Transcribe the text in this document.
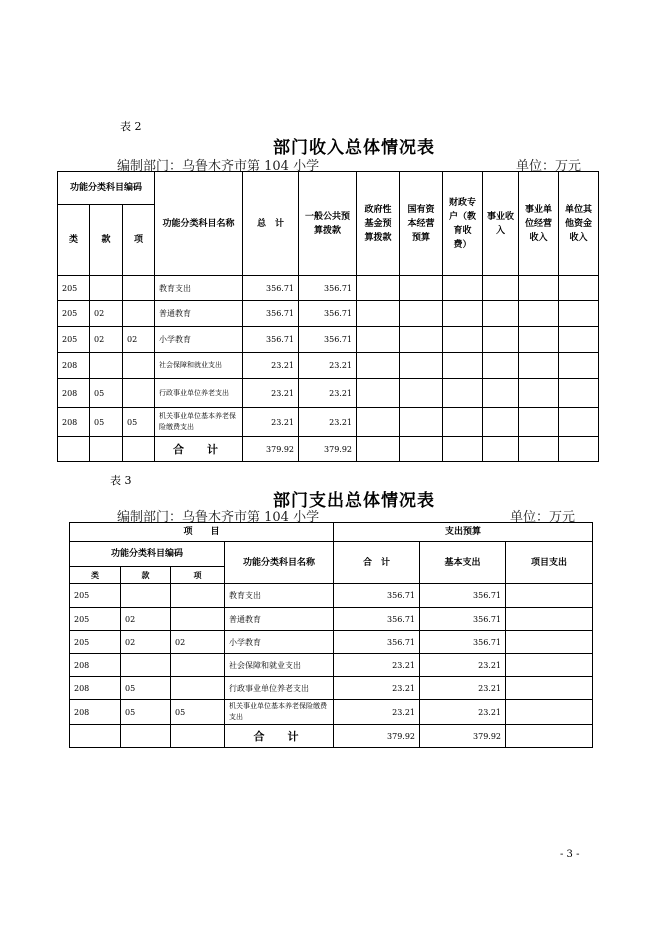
表 2
部门收入总体情况表
编制部门：乌鲁木齐市第 104 小学	单位：万元
功能分类科目编码			功能分类科目名称	总　计	一般公共预算拨款	政府性基金预算拨款	国有资本经营预算	财政专户（教育收费）	事业收入	事业单位经营收入	单位其他资金收入
类	款	项									
205			教育支出	356.71	356.71						
205	02		普通教育	356.71	356.71						
205	02	02	小学教育	356.71	356.71						
208			社会保障和就业支出	23.21	23.21						
208	05		行政事业单位养老支出	23.21	23.21						
208	05	05	机关事业单位基本养老保险缴费支出	23.21	23.21						
			合　计	379.92	379.92						
表 3
部门支出总体情况表
编制部门：乌鲁木齐市第 104 小学	单位：万元
项　　目				支出预算		
功能分类科目编码			功能分类科目名称	合　计	基本支出	项目支出
类	款	项				
205			教育支出	356.71	356.71	
205	02		普通教育	356.71	356.71	
205	02	02	小学教育	356.71	356.71	
208			社会保障和就业支出	23.21	23.21	
208	05		行政事业单位养老支出	23.21	23.21	
208	05	05	机关事业单位基本养老保险缴费支出	23.21	23.21	
			合　计	379.92	379.92	
- 3 -
